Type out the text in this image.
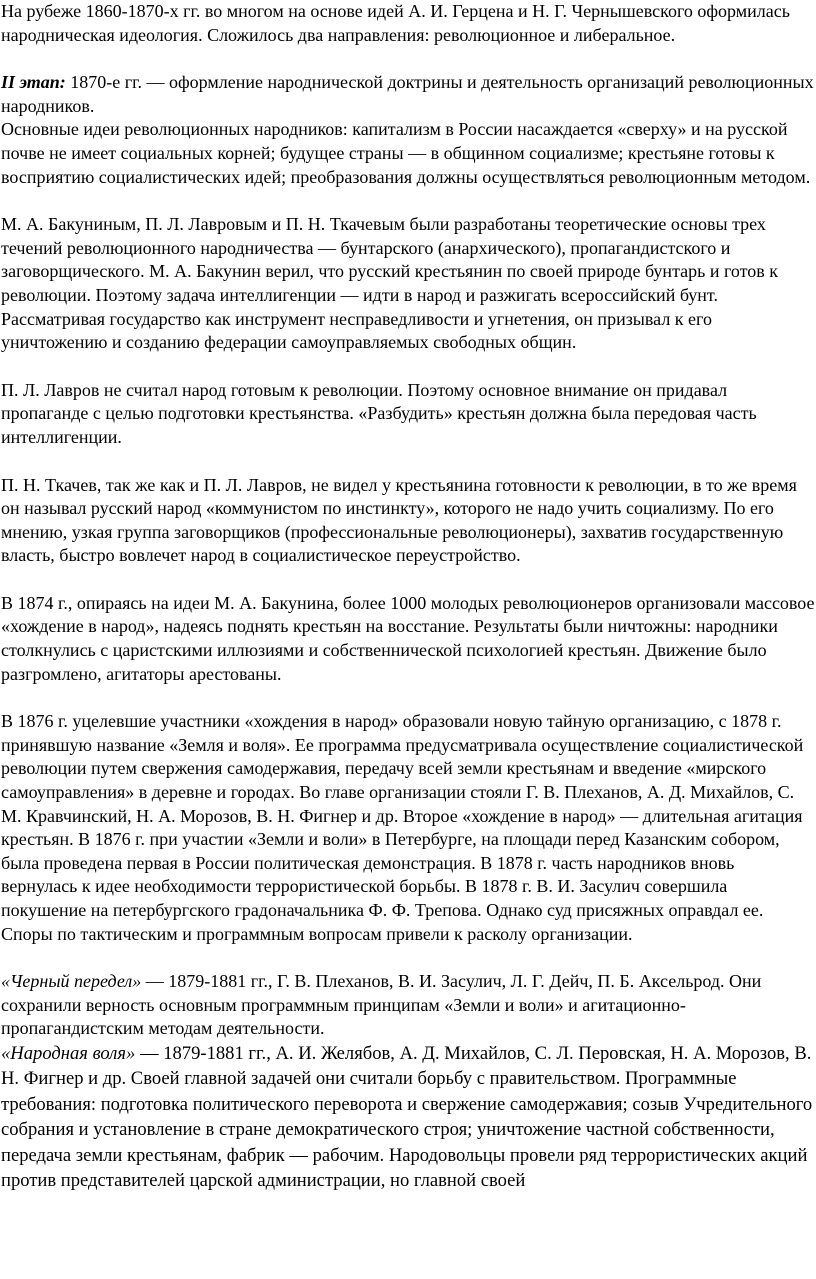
На рубеже 1860-1870-х гг. во многом на основе идей А. И. Герцена и Н. Г. Чернышевского оформилась народническая идеология. Сложилось два направления: революционное и либеральное.

II этап: 1870-е гг. — оформление народнической доктрины и деятельность организаций революционных народников.

Основные идеи революционных народников: капитализм в России насаждается «сверху» и на русской почве не имеет социальных корней; будущее страны — в общинном социализме; крестьяне готовы к восприятию социалистических идей; преобразования должны осуществляться революционным методом.

М. А. Бакуниным, П. Л. Лавровым и П. Н. Ткачевым были разработаны теоретические основы трех течений революционного народничества — бунтарского (анархического), пропагандистского и заговорщического. М. А. Бакунин верил, что русский крестьянин по своей природе бунтарь и готов к революции. Поэтому задача интеллигенции — идти в народ и разжигать всероссийский бунт. Рассматривая государство как инструмент несправедливости и угнетения, он призывал к его уничтожению и созданию федерации самоуправляемых свободных общин.

П. Л. Лавров не считал народ готовым к революции. Поэтому основное внимание он придавал пропаганде с целью подготовки крестьянства. «Разбудить» крестьян должна была передовая часть интеллигенции.

П. Н. Ткачев, так же как и П. Л. Лавров, не видел у крестьянина готовности к революции, в то же время он называл русский народ «коммунистом по инстинкту», которого не надо учить социализму. По его мнению, узкая группа заговорщиков (профессиональные революционеры), захватив государственную власть, быстро вовлечет народ в социалистическое переустройство.

В 1874 г., опираясь на идеи М. А. Бакунина, более 1000 молодых революционеров организовали массовое «хождение в народ», надеясь поднять крестьян на восстание. Результаты были ничтожны: народники столкнулись с царистскими иллюзиями и собственнической психологией крестьян. Движение было разгромлено, агитаторы арестованы.

В 1876 г. уцелевшие участники «хождения в народ» образовали новую тайную организацию, с 1878 г. принявшую название «Земля и воля». Ее программа предусматривала осуществление социалистической революции путем свержения самодержавия, передачу всей земли крестьянам и введение «мирского самоуправления» в деревне и городах. Во главе организации стояли Г. В. Плеханов, А. Д. Михайлов, С. М. Кравчинский, Н. А. Морозов, В. Н. Фигнер и др. Второе «хождение в народ» — длительная агитация крестьян. В 1876 г. при участии «Земли и воли» в Петербурге, на площади перед Казанским собором, была проведена первая в России политическая демонстрация. В 1878 г. часть народников вновь вернулась к идее необходимости террористической борьбы. В 1878 г. В. И. Засулич совершила покушение на петербургского градоначальника Ф. Ф. Трепова. Однако суд присяжных оправдал ее. Споры по тактическим и программным вопросам привели к расколу организации.

«Черный передел» — 1879-1881 гг., Г. В. Плеханов, В. И. Засулич, Л. Г. Дейч, П. Б. Аксельрод. Они сохранили верность основным программным принципам «Земли и воли» и агитационно-пропагандистским методам деятельности.

«Народная воля» — 1879-1881 гг., А. И. Желябов, А. Д. Михайлов, С. Л. Перовская, Н. А. Морозов, В. Н. Фигнер и др. Своей главной задачей они считали борьбу с правительством. Программные требования: подготовка политического переворота и свержение самодержавия; созыв Учредительного собрания и установление в стране демократического строя; уничтожение частной собственности, передача земли крестьянам, фабрик — рабочим. Народовольцы провели ряд террористических акций против представителей царской администрации, но главной своей
